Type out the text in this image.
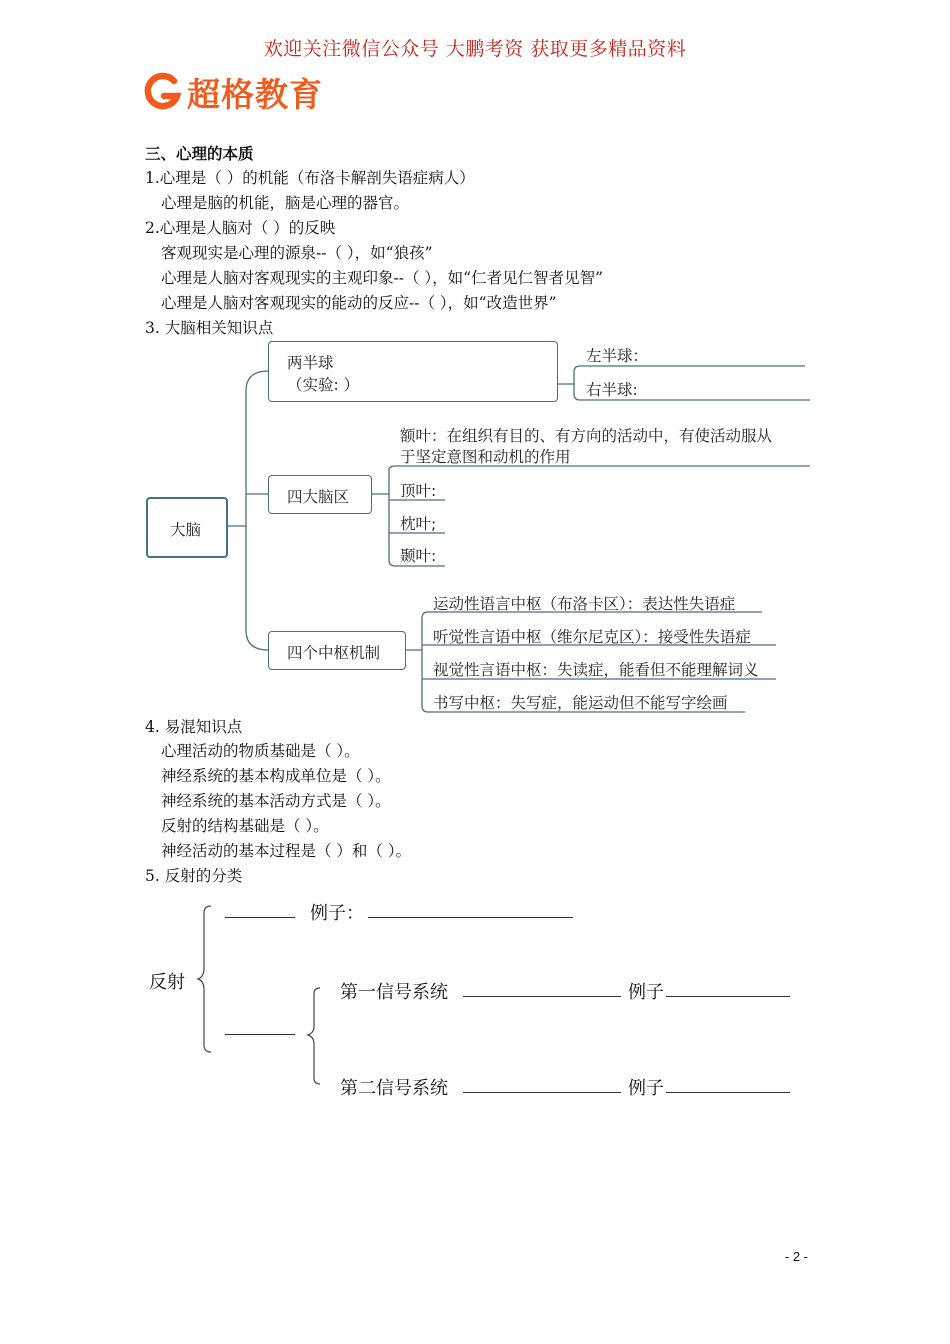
欢迎关注微信公众号 大鹏考资 获取更多精品资料
超格教育
三、心理的本质
1.心理是（ ）的机能（布洛卡解剖失语症病人）
心理是脑的机能，脑是心理的器官。
2.心理是人脑对（ ）的反映
客观现实是心理的源泉--（ ），如“狼孩”
心理是人脑对客观现实的主观印象--（ ），如“仁者见仁智者见智”
心理是人脑对客观现实的能动的反应--（ ），如“改造世界”
3. 大脑相关知识点
大脑
两半球
（实验: ）
左半球：
右半球:
四大脑区
额叶：在组织有目的、有方向的活动中，有使活动服从
于坚定意图和动机的作用
顶叶:
枕叶;
颞叶:
四个中枢机制
运动性语言中枢（布洛卡区）：表达性失语症
听觉性言语中枢（维尔尼克区）：接受性失语症
视觉性言语中枢：失读症，能看但不能理解词义
书写中枢：失写症，能运动但不能写字绘画
4. 易混知识点
心理活动的物质基础是（ ）。
神经系统的基本构成单位是（ ）。
神经系统的基本活动方式是（ ）。
反射的结构基础是（ ）。
神经活动的基本过程是（ ）和（ ）。
5. 反射的分类
例子：
反射	第一信号系统	例子
第二信号系统	例子
- 2 -
